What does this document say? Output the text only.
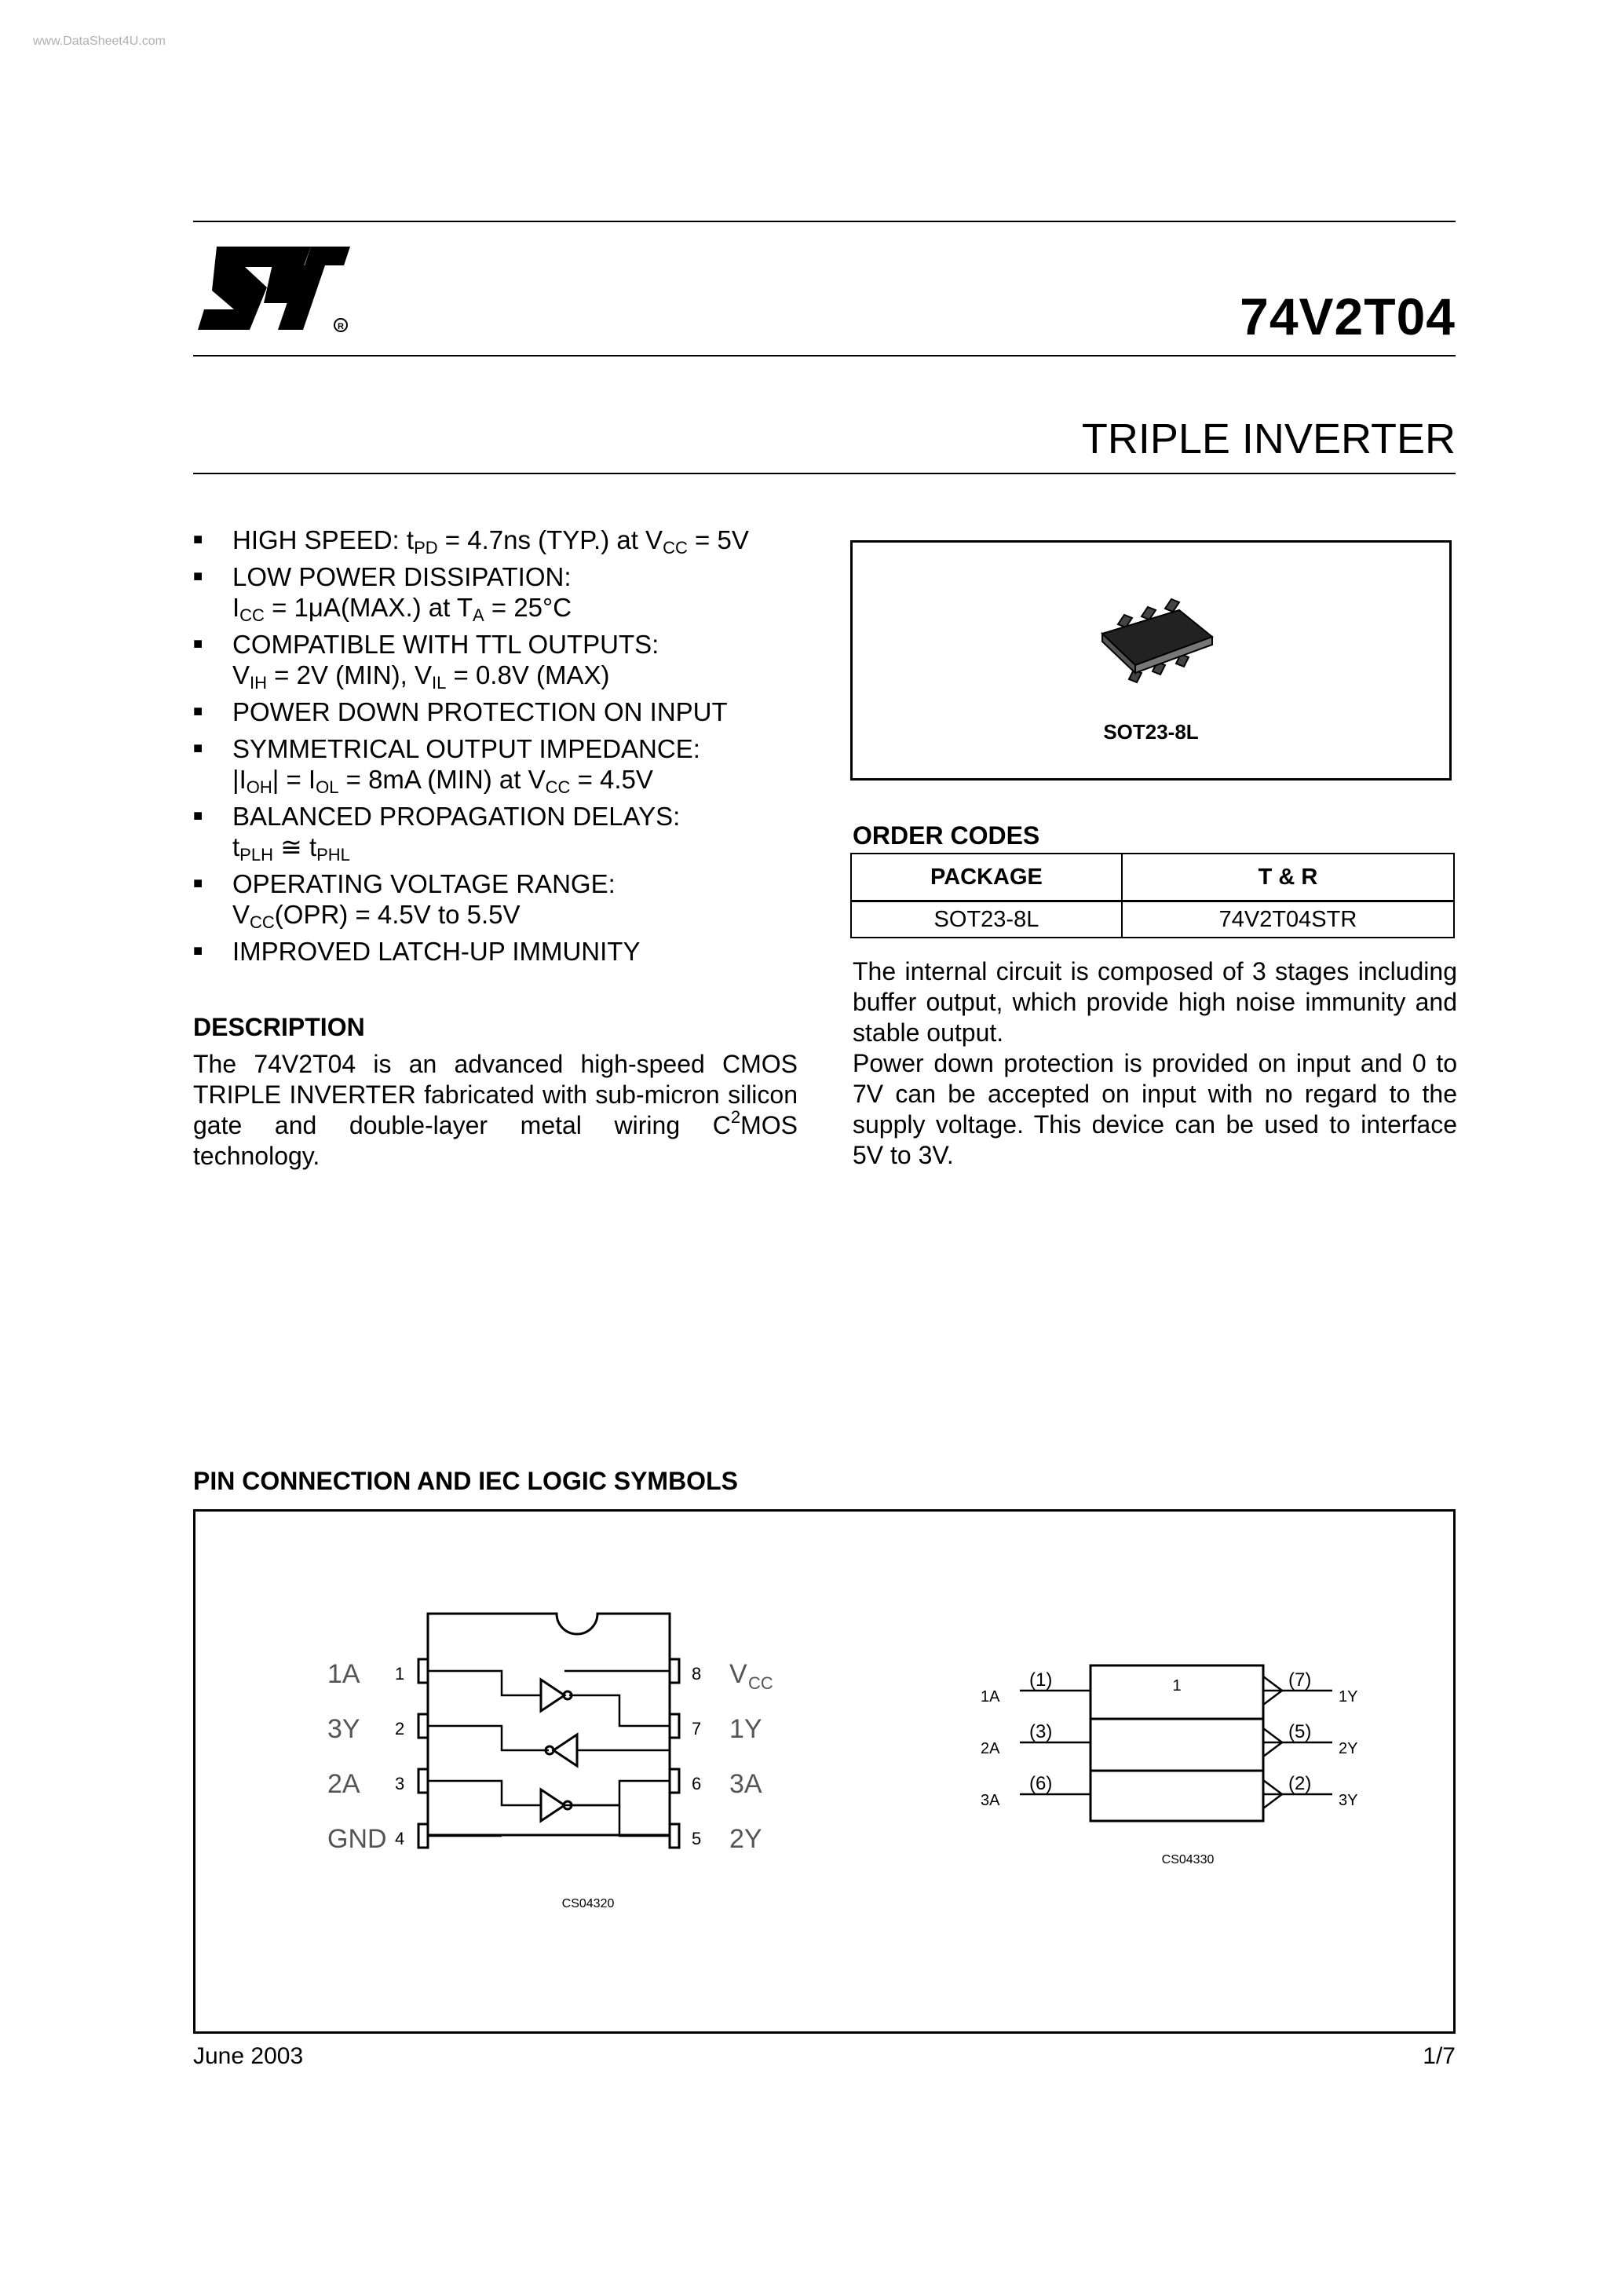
www.DataSheet4U.com
R	74V2T04
TRIPLE INVERTER
■ HIGH SPEED: $t_{PD} = 4.7ns$ (TYP.) at $V_{CC} = 5V$
■ LOW POWER DISSIPATION:
$I_{CC} = 1\mu A(MAX.)$ at $T_A = 25^\circ C$
■ COMPATIBLE WITH TTL OUTPUTS:
$V_{IH} = 2V$ (MIN), $V_{IL} = 0.8V$ (MAX)
■ POWER DOWN PROTECTION ON INPUT
■ SYMMETRICAL OUTPUT IMPEDANCE:
$|I_{OH}| = I_{OL} = 8mA$ (MIN) at $V_{CC} = 4.5V$
■ BALANCED PROPAGATION DELAYS:
$t_{PLH}$ ≅ $t_{PHL}$
■ OPERATING VOLTAGE RANGE:
$V_{CC}(OPR) = 4.5V$ to 5.5V
■ IMPROVED LATCH-UP IMMUNITY
DESCRIPTION
The 74V2T04 is an advanced high-speed CMOS TRIPLE INVERTER fabricated with sub-micron silicon gate and double-layer metal wiring $C^2MOS$ technology.
SOT23-8L
ORDER CODES
PACKAGE	T & R
SOT23-8L	74V2T04STR
The internal circuit is composed of 3 stages including buffer output, which provide high noise immunity and stable output.
Power down protection is provided on input and 0 to 7V can be accepted on input with no regard to the supply voltage. This device can be used to interface 5V to 3V.
PIN CONNECTION AND IEC LOGIC SYMBOLS
1A 1
3Y 2
2A 3
GND 4
8 V CC
7 1Y
6 3A
5 2Y
CS04320
1
1A
(1)
2A
(3)
3A
(6)
(7)
1Y
(5)
2Y
(2)
3Y
CS04330
June 2003	1/7
